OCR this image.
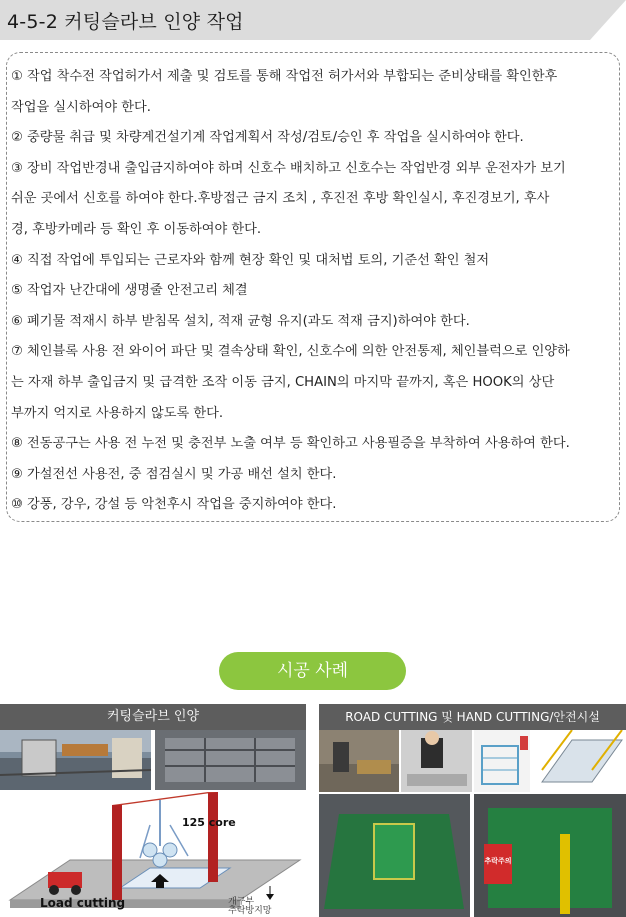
4-5-2 커팅슬라브 인양 작업
① 작업 착수전 작업허가서 제출 및 검토를 통해 작업전 허가서와 부합되는 준비상태를 확인한후
작업을 실시하여야 한다.
② 중량물 취급 및 차량계건설기계 작업계획서 작성/검토/승인 후 작업을 실시하여야 한다.
③ 장비 작업반경내 출입금지하여야 하며 신호수 배치하고 신호수는 작업반경 외부 운전자가 보기
쉬운 곳에서 신호를 하여야 한다.후방접근 금지 조치 , 후진전 후방 확인실시, 후진경보기, 후사
경, 후방카메라 등 확인 후 이동하여야 한다.
④ 직접 작업에 투입되는 근로자와 함께 현장 확인 및 대처법 토의, 기준선 확인 철저
⑤ 작업자 난간대에 생명줄 안전고리 체결
⑥ 폐기물 적재시 하부 받침목 설치, 적재 균형 유지(과도 적재 금지)하여야 한다.
⑦ 체인블록 사용 전 와이어 파단 및 결속상태 확인, 신호수에 의한 안전통제, 체인블럭으로 인양하
는 자재 하부 출입금지 및 급격한 조작 이동 금지, CHAIN의 마지막 끝까지, 혹은 HOOK의 상단
부까지 억지로 사용하지 않도록 한다.
⑧ 전동공구는 사용 전 누전 및 충전부 노출 여부 등 확인하고 사용필증을 부착하여 사용하여 한다.
⑨ 가설전선 사용전, 중 점검실시 및 가공 배선 설치 한다.
⑩ 강풍, 강우, 강설 등 악천후시 작업을 중지하여야 한다.
시공 사례
커팅슬라브 인양
125 core
Load cutting	개구부
추락방지망
ROAD CUTTING 및 HAND CUTTING/안전시설
추락주의
